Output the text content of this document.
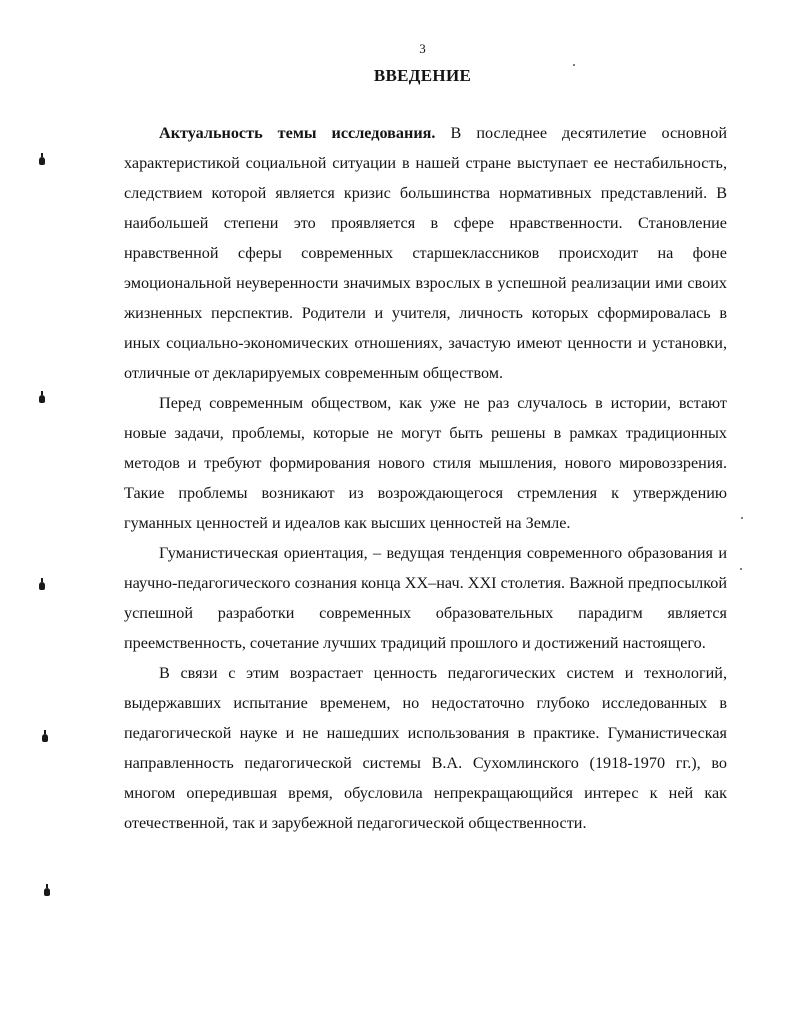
3
ВВЕДЕНИЕ

Актуальность темы исследования. В последнее десятилетие основной характеристикой социальной ситуации в нашей стране выступает ее нестабильность, следствием которой является кризис большинства нормативных представлений. В наибольшей степени это проявляется в сфере нравственности. Становление нравственной сферы современных старшеклассников происходит на фоне эмоциональной неуверенности значимых взрослых в успешной реализации ими своих жизненных перспектив. Родители и учителя, личность которых сформировалась в иных социально-экономических отношениях, зачастую имеют ценности и установки, отличные от декларируемых современным обществом.

Перед современным обществом, как уже не раз случалось в истории, встают новые задачи, проблемы, которые не могут быть решены в рамках традиционных методов и требуют формирования нового стиля мышления, нового мировоззрения. Такие проблемы возникают из возрождающегося стремления к утверждению гуманных ценностей и идеалов как высших ценностей на Земле.

Гуманистическая ориентация, – ведущая тенденция современного образования и научно-педагогического сознания конца XX–нач. XXI столетия. Важной предпосылкой успешной разработки современных образовательных парадигм является преемственность, сочетание лучших традиций прошлого и достижений настоящего.

В связи с этим возрастает ценность педагогических систем и технологий, выдержавших испытание временем, но недостаточно глубоко исследованных в педагогической науке и не нашедших использования в практике. Гуманистическая направленность педагогической системы В.А. Сухомлинского (1918-1970 гг.), во многом опередившая время, обусловила непрекращающийся интерес к ней как отечественной, так и зарубежной педагогической общественности.
